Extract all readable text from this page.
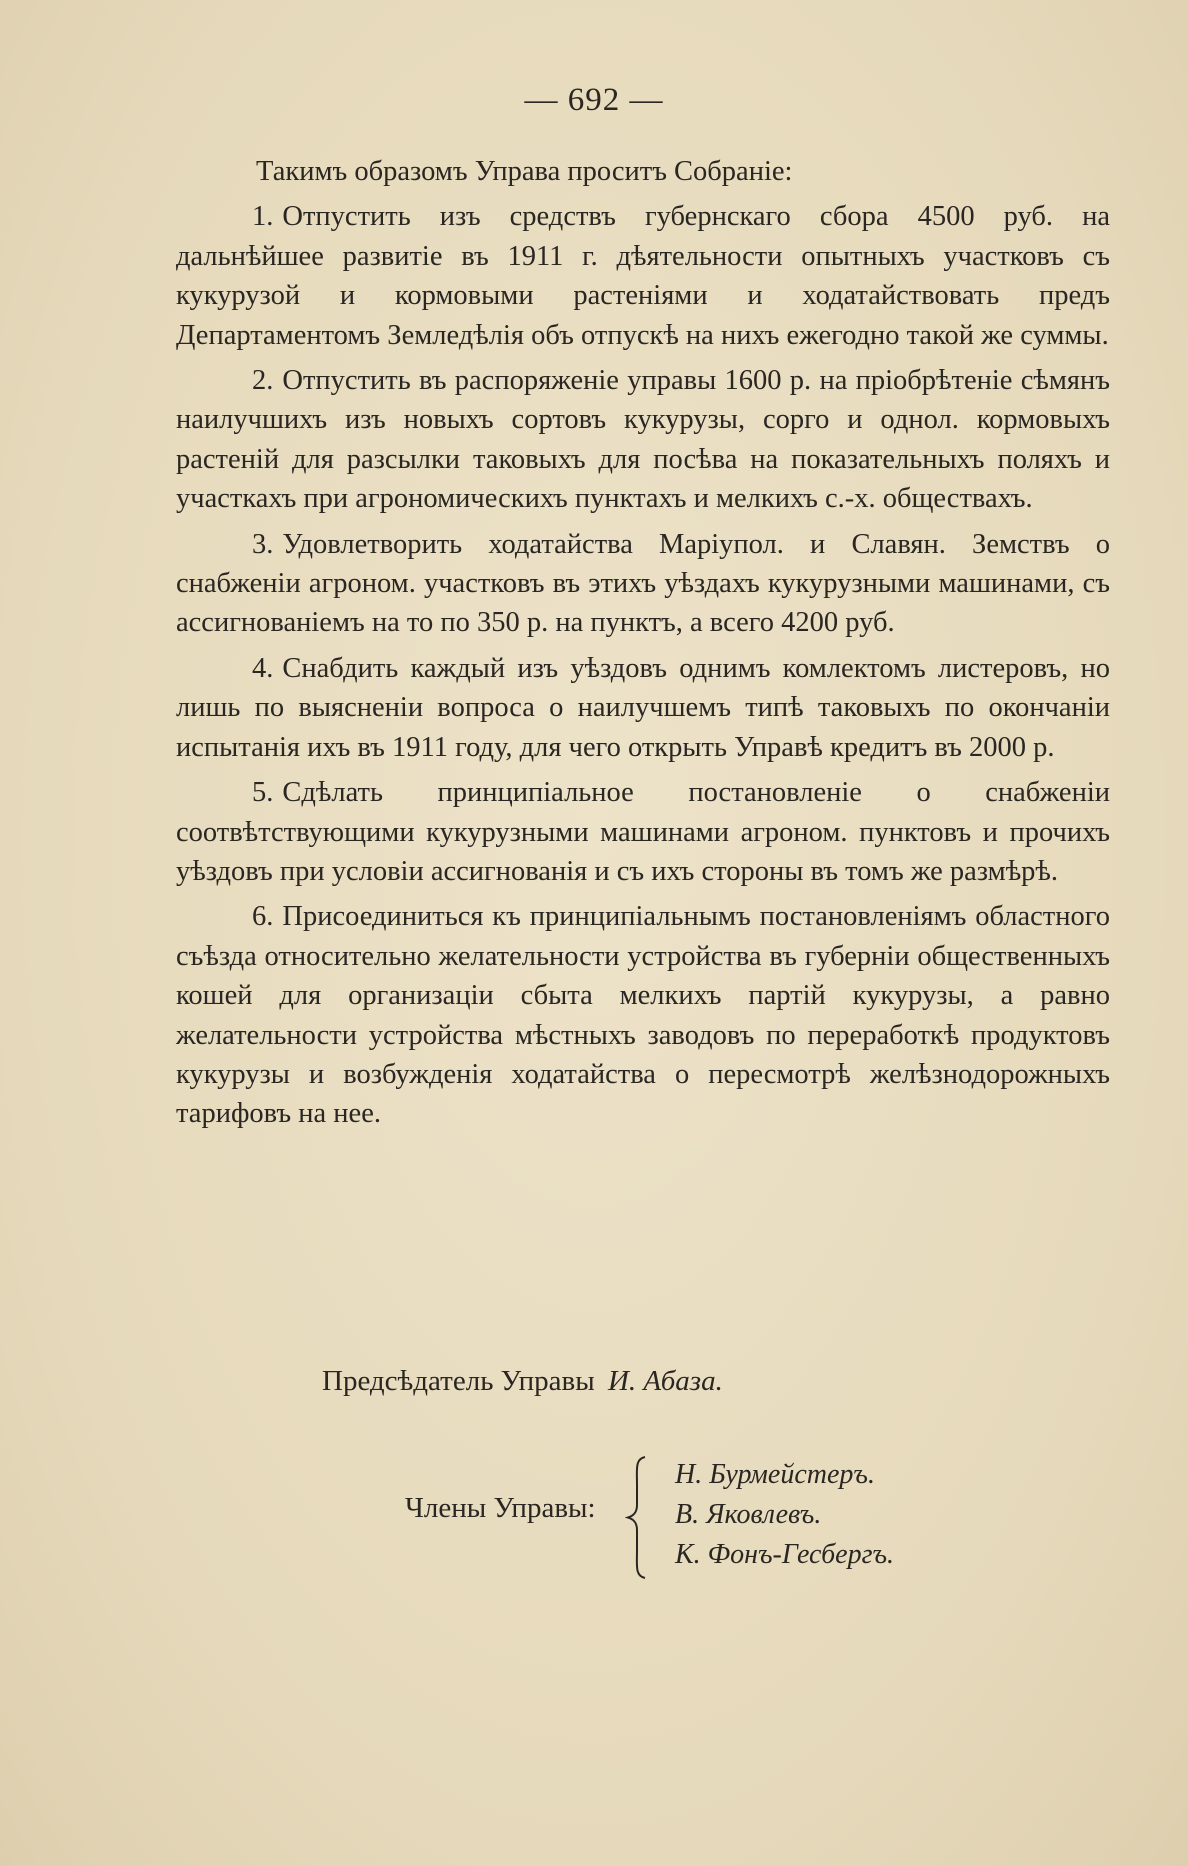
— 692 —

Такимъ образомъ Управа проситъ Собраніе:

1. Отпустить изъ средствъ губернскаго сбора 4500 руб. на дальнѣйшее развитіе въ 1911 г. дѣятельности опытныхъ участковъ съ кукурузой и кормовыми растеніями и ходатайствовать предъ Департаментомъ Земледѣлія объ отпускѣ на нихъ ежегодно такой же суммы.

2. Отпустить въ распоряженіе управы 1600 р. на пріобрѣтеніе сѣмянъ наилучшихъ изъ новыхъ сортовъ кукурузы, сорго и однол. кормовыхъ растеній для разсылки таковыхъ для посѣва на показательныхъ поляхъ и участкахъ при агрономическихъ пунктахъ и мелкихъ с.-х. обществахъ.

3. Удовлетворить ходатайства Маріупол. и Славян. Земствъ о снабженіи агроном. участковъ въ этихъ уѣздахъ кукурузными машинами, съ ассигнованіемъ на то по 350 р. на пунктъ, а всего 4200 руб.

4. Снабдить каждый изъ уѣздовъ однимъ комлектомъ листеровъ, но лишь по выясненіи вопроса о наилучшемъ типѣ таковыхъ по окончаніи испытанія ихъ въ 1911 году, для чего открыть Управѣ кредитъ въ 2000 р.

5. Сдѣлать принципіальное постановленіе о снабженіи соотвѣтствующими кукурузными машинами агроном. пунктовъ и прочихъ уѣздовъ при условіи ассигнованія и съ ихъ стороны въ томъ же размѣрѣ.

6. Присоединиться къ принципіальнымъ постановленіямъ областного съѣзда относительно желательности устройства въ губерніи общественныхъ кошей для организаціи сбыта мелкихъ партій кукурузы, а равно желательности устройства мѣстныхъ заводовъ по переработкѣ продуктовъ кукурузы и возбужденія ходатайства о пересмотрѣ желѣзнодорожныхъ тарифовъ на нее.

Предсѣдатель Управы И. Абаза.
Члены Управы:
Н. Бурмейстеръ.
В. Яковлевъ.
К. Фонъ-Гесбергъ.
